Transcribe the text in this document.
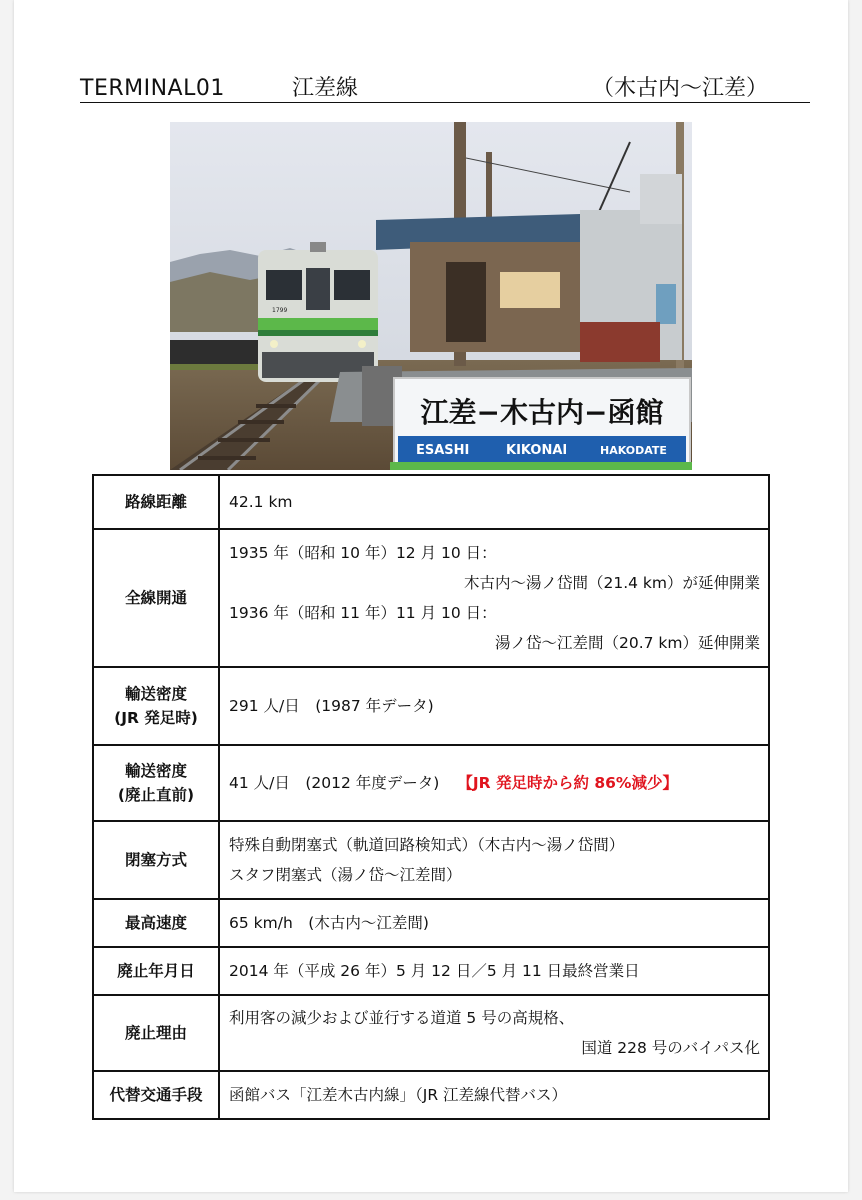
TERMINAL01	江差線	（木古内〜江差）
江差−木古内−函館
ESASHI	KIKONAI	HAKODATE
1799
路線距離	42.1 km
全線開通	1935 年（昭和 10 年）12 月 10 日：
木古内〜湯ノ岱間（21.4 km）が延伸開業
1936 年（昭和 11 年）11 月 10 日：
湯ノ岱〜江差間（20.7 km）延伸開業

輸送密度
(JR 発足時)	291 人/日　(1987 年データ)

輸送密度
(廃止直前)	41 人/日　(2012 年度データ) 【JR 発足時から約 86%減少】
閉塞方式	特殊自動閉塞式（軌道回路検知式）（木古内〜湯ノ岱間）
スタフ閉塞式（湯ノ岱〜江差間）

最高速度	65 km/h　(木古内〜江差間)
廃止年月日	2014 年（平成 26 年）5 月 12 日／5 月 11 日最終営業日
廃止理由	利用客の減少および並行する道道 5 号の高規格、
国道 228 号のバイパス化

代替交通手段	函館バス「江差木古内線」（JR 江差線代替バス）
